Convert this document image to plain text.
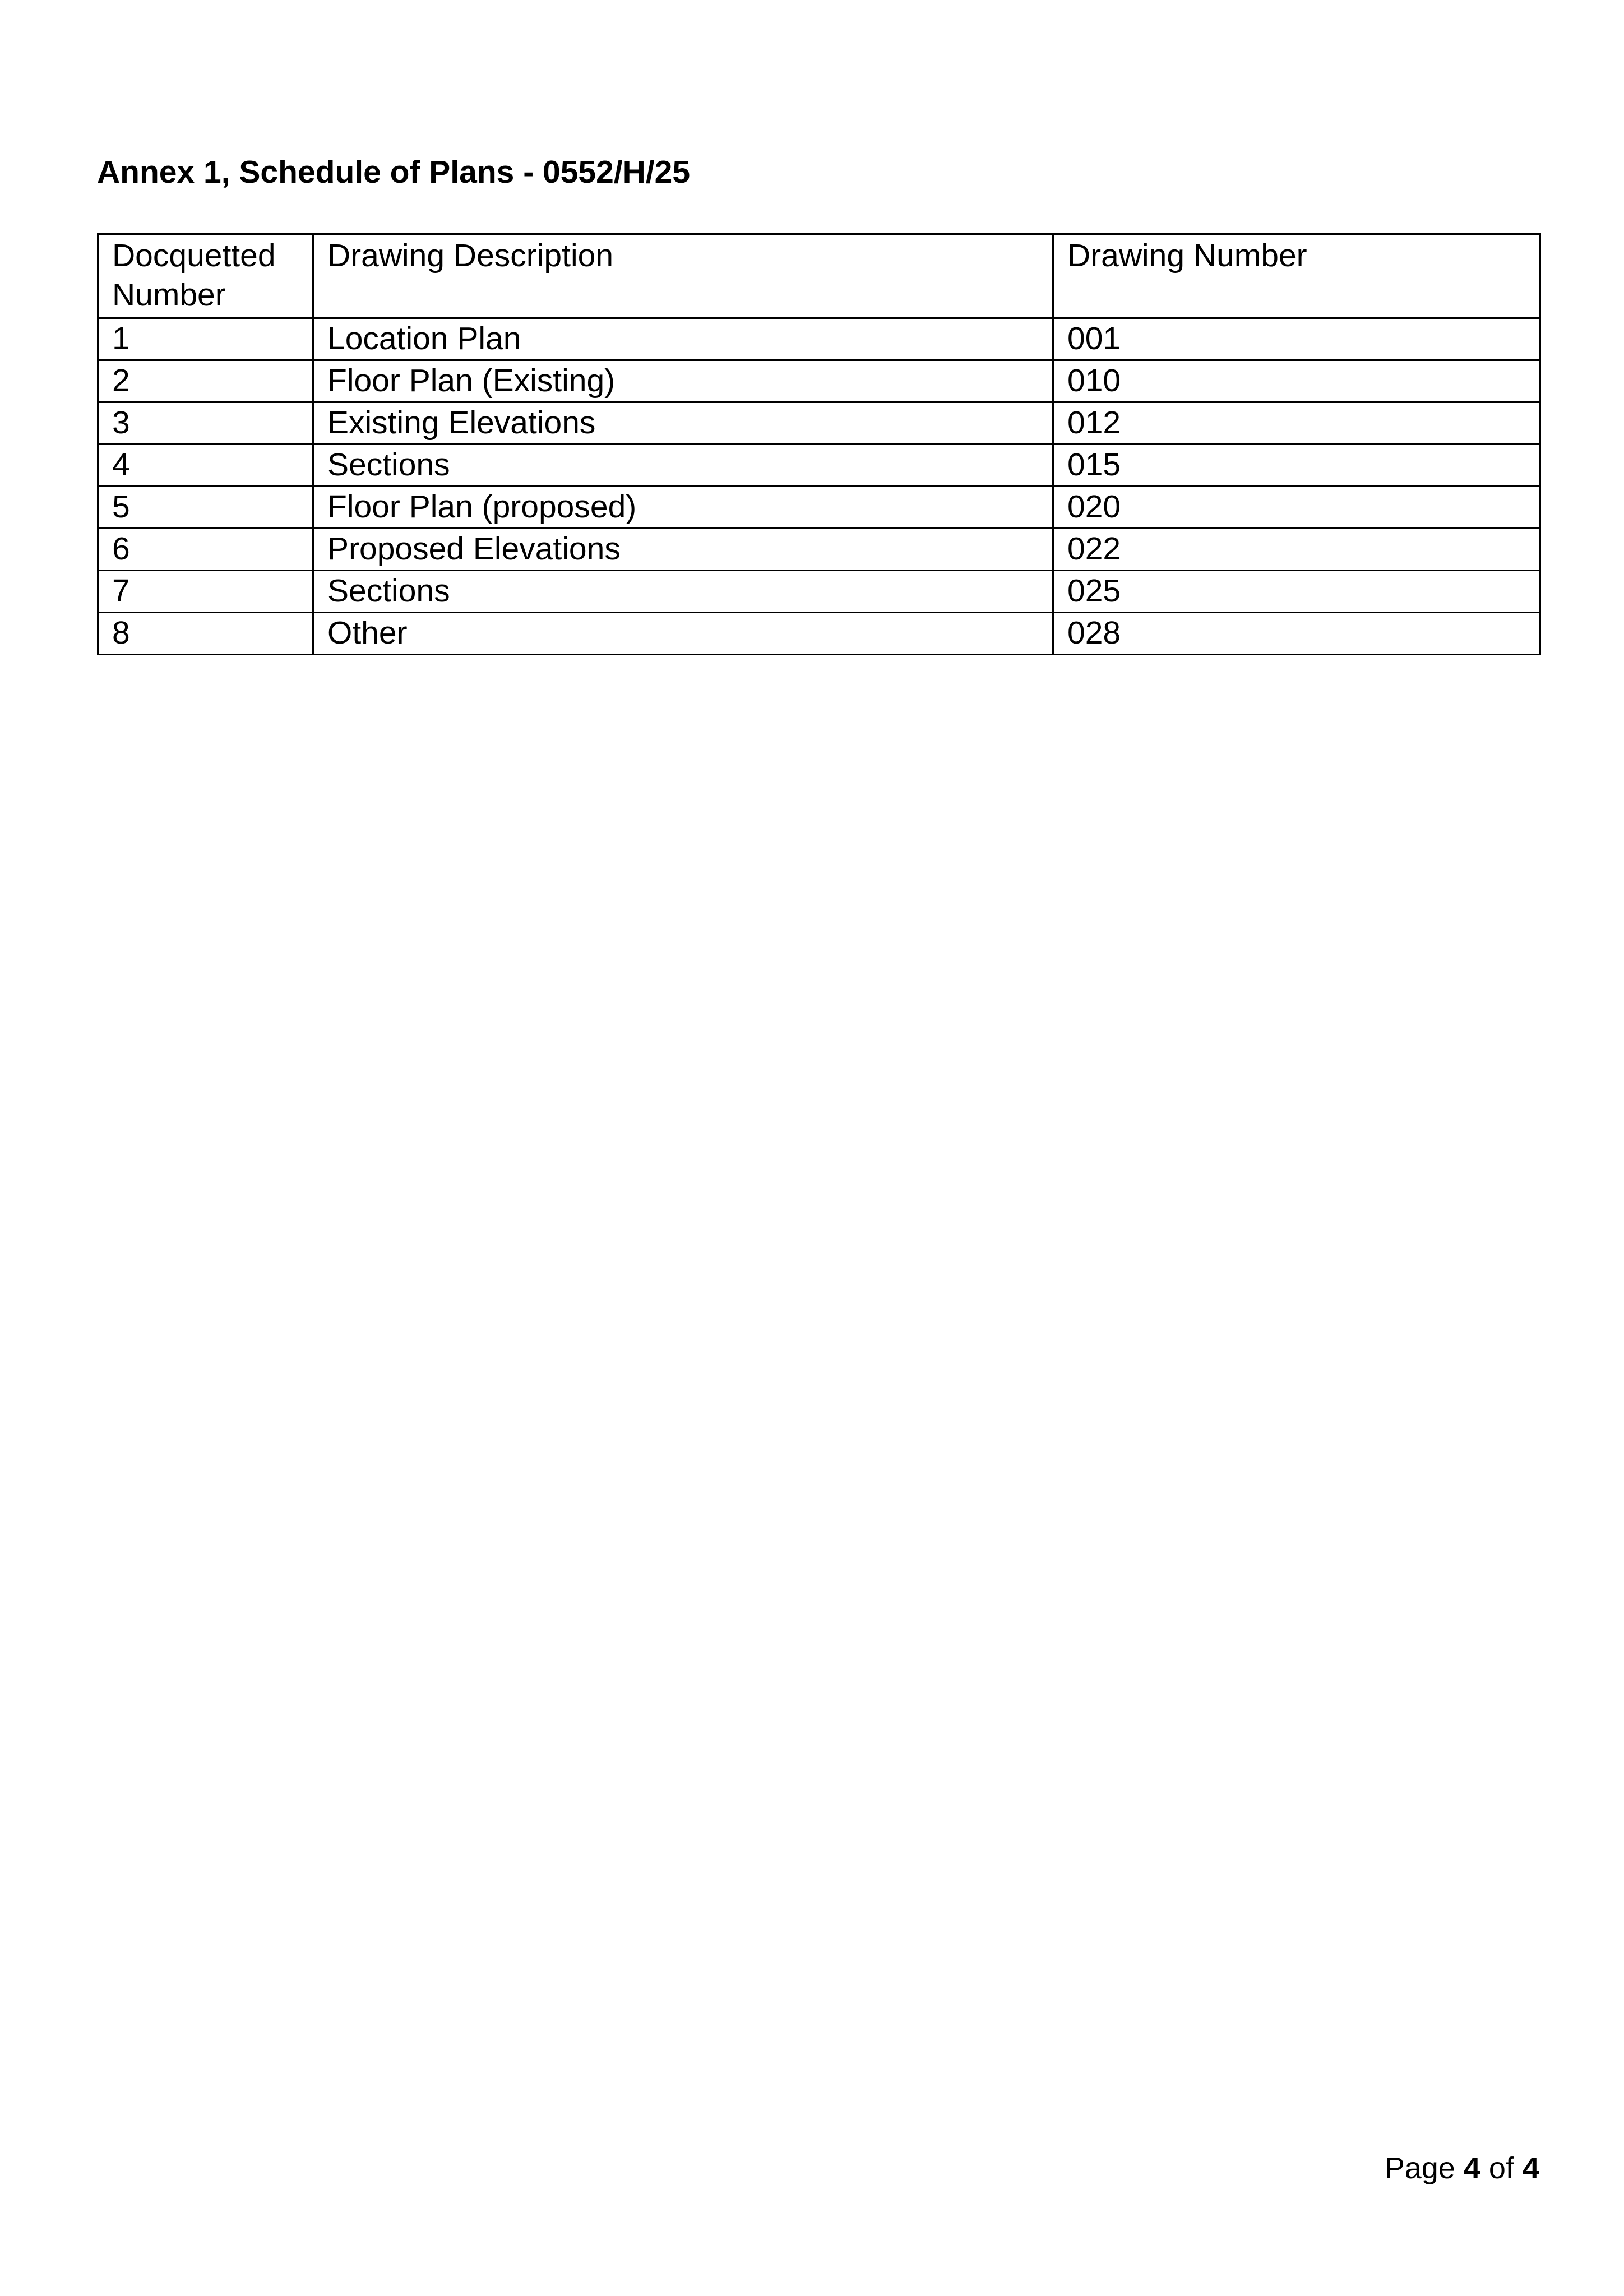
Annex 1, Schedule of Plans - 0552/H/25
Docquetted Number	Drawing Description	Drawing Number
1	Location Plan	001
2	Floor Plan (Existing)	010
3	Existing Elevations	012
4	Sections	015
5	Floor Plan (proposed)	020
6	Proposed Elevations	022
7	Sections	025
8	Other	028
Page 4 of 4
